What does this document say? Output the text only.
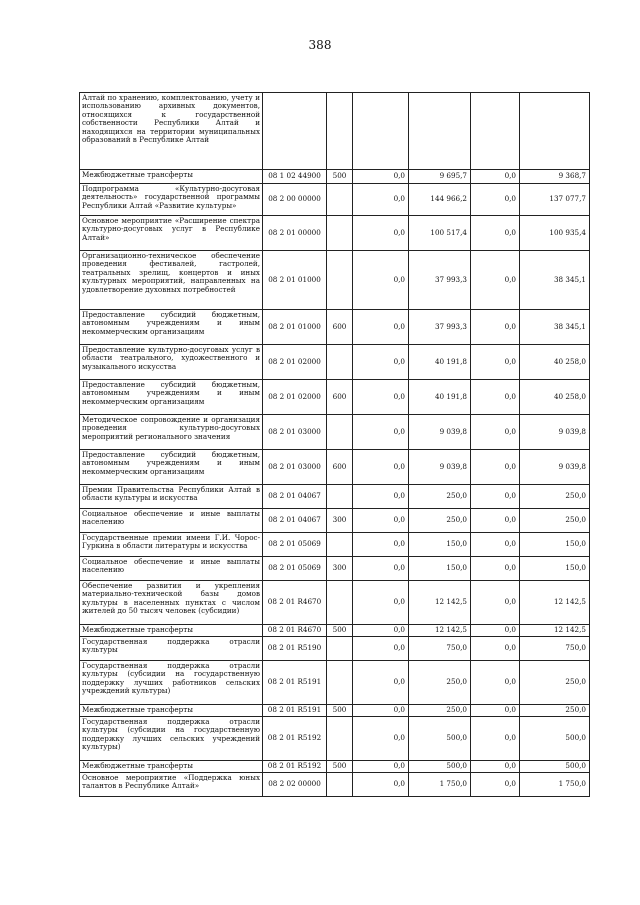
388
Алтай по хранению, комплектованию, учету и использованию архивных документов, относящихся к государственной собственности Республики Алтай и находящихся на территории муниципальных образований в Республике Алтай						
Межбюджетные трансферты	08 1 02 44900	500	0,0	9 695,7	0,0	9 368,7
Подпрограмма «Культурно-досуговая деятельность» государственной программы Республики Алтай «Развитие культуры»	08 2 00 00000		0,0	144 966,2	0,0	137 077,7
Основное мероприятие «Расширение спектра культурно-досуговых услуг в Республике Алтай»	08 2 01 00000		0,0	100 517,4	0,0	100 935,4
Организационно-техническое обеспечение проведения фестивалей, гастролей, театральных зрелищ, концертов и иных культурных мероприятий, направленных на удовлетворение духовных потребностей	08 2 01 01000		0,0	37 993,3	0,0	38 345,1
Предоставление субсидий бюджетным, автономным учреждениям и иным некоммерческим организациям	08 2 01 01000	600	0,0	37 993,3	0,0	38 345,1
Предоставление культурно-досуговых услуг в области театрального, художественного и музыкального искусства	08 2 01 02000		0,0	40 191,8	0,0	40 258,0
Предоставление субсидий бюджетным, автономным учреждениям и иным некоммерческим организациям	08 2 01 02000	600	0,0	40 191,8	0,0	40 258,0
Методическое сопровождение и организация проведения культурно-досуговых мероприятий регионального значения	08 2 01 03000		0,0	9 039,8	0,0	9 039,8
Предоставление субсидий бюджетным, автономным учреждениям и иным некоммерческим организациям	08 2 01 03000	600	0,0	9 039,8	0,0	9 039,8
Премии Правительства Республики Алтай в области культуры и искусства	08 2 01 04067		0,0	250,0	0,0	250,0
Социальное обеспечение и иные выплаты населению	08 2 01 04067	300	0,0	250,0	0,0	250,0
Государственные премии имени Г.И. Чорос-Гуркина в области литературы и искусства	08 2 01 05069		0,0	150,0	0,0	150,0
Социальное обеспечение и иные выплаты населению	08 2 01 05069	300	0,0	150,0	0,0	150,0
Обеспечение развития и укрепления материально-технической базы домов культуры в населенных пунктах с числом жителей до 50 тысяч человек (субсидии)	08 2 01 R4670		0,0	12 142,5	0,0	12 142,5
Межбюджетные трансферты	08 2 01 R4670	500	0,0	12 142,5	0,0	12 142,5
Государственная поддержка отрасли культуры	08 2 01 R5190		0,0	750,0	0,0	750,0
Государственная поддержка отрасли культуры (субсидии на государственную поддержку лучших работников сельских учреждений культуры)	08 2 01 R5191		0,0	250,0	0,0	250,0
Межбюджетные трансферты	08 2 01 R5191	500	0,0	250,0	0,0	250,0
Государственная поддержка отрасли культуры (субсидии на государственную поддержку лучших сельских учреждений культуры)	08 2 01 R5192		0,0	500,0	0,0	500,0
Межбюджетные трансферты	08 2 01 R5192	500	0,0	500,0	0,0	500,0
Основное мероприятие «Поддержка юных талантов в Республике Алтай»	08 2 02 00000		0,0	1 750,0	0,0	1 750,0
